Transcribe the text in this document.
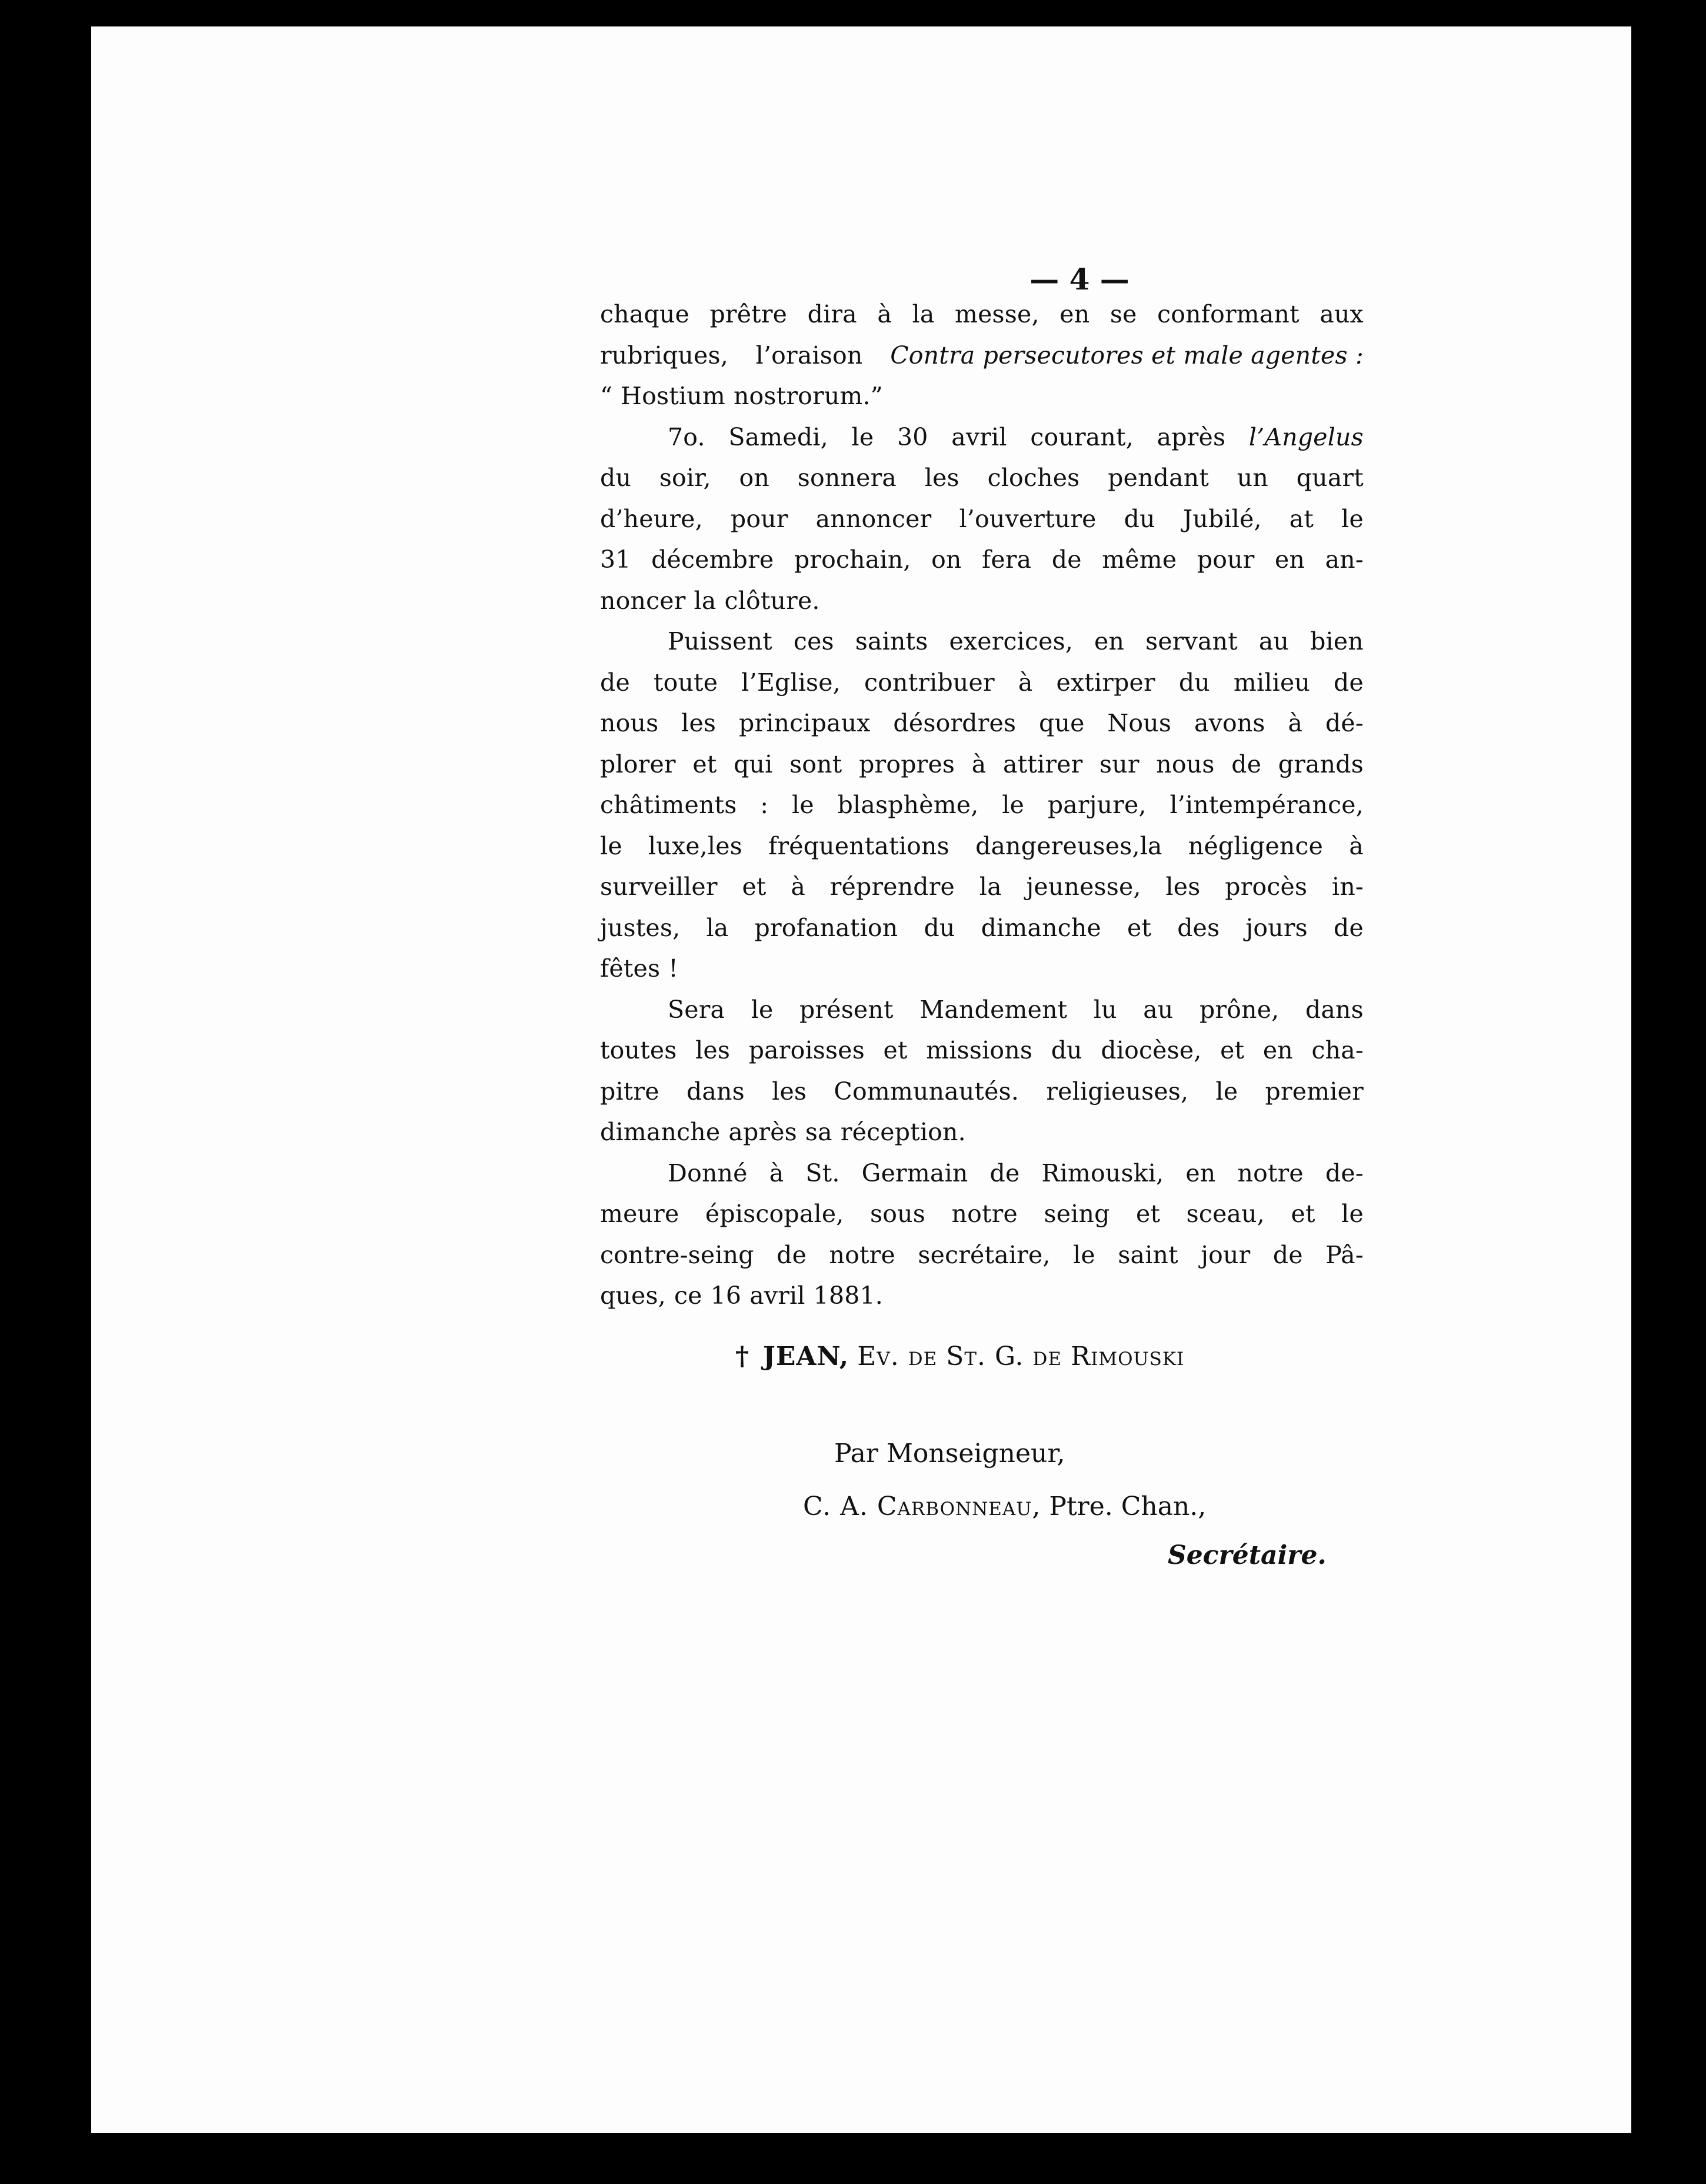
— 4 —
chaque prêtre dira à la messe, en se conformant aux
rubriques, l’oraison Contra persecutores et male agentes :
“ Hostium nostrorum.”
7o. Samedi, le 30 avril courant, après l’Angelus
du soir, on sonnera les cloches pendant un quart
d’heure, pour annoncer l’ouverture du Jubilé, at le
31 décembre prochain, on fera de même pour en an-
noncer la clôture.
Puissent ces saints exercices, en servant au bien
de toute l’Eglise, contribuer à extirper du milieu de
nous les principaux désordres que Nous avons à dé-
plorer et qui sont propres à attirer sur nous de grands
châtiments : le blasphème, le parjure, l’intempérance,
le luxe,les fréquentations dangereuses,la négligence à
surveiller et à réprendre la jeunesse, les procès in-
justes, la profanation du dimanche et des jours de
fêtes !
Sera le présent Mandement lu au prône, dans
toutes les paroisses et missions du diocèse, et en cha-
pitre dans les Communautés. religieuses, le premier
dimanche après sa réception.
Donné à St. Germain de Rimouski, en notre de-
meure épiscopale, sous notre seing et sceau, et le
contre-seing de notre secrétaire, le saint jour de Pâ-
ques, ce 16 avril 1881.
† JEAN, Ev. de St. G. de Rimouski
Par Monseigneur,
C. A. Carbonneau, Ptre. Chan.,
Secrétaire.
